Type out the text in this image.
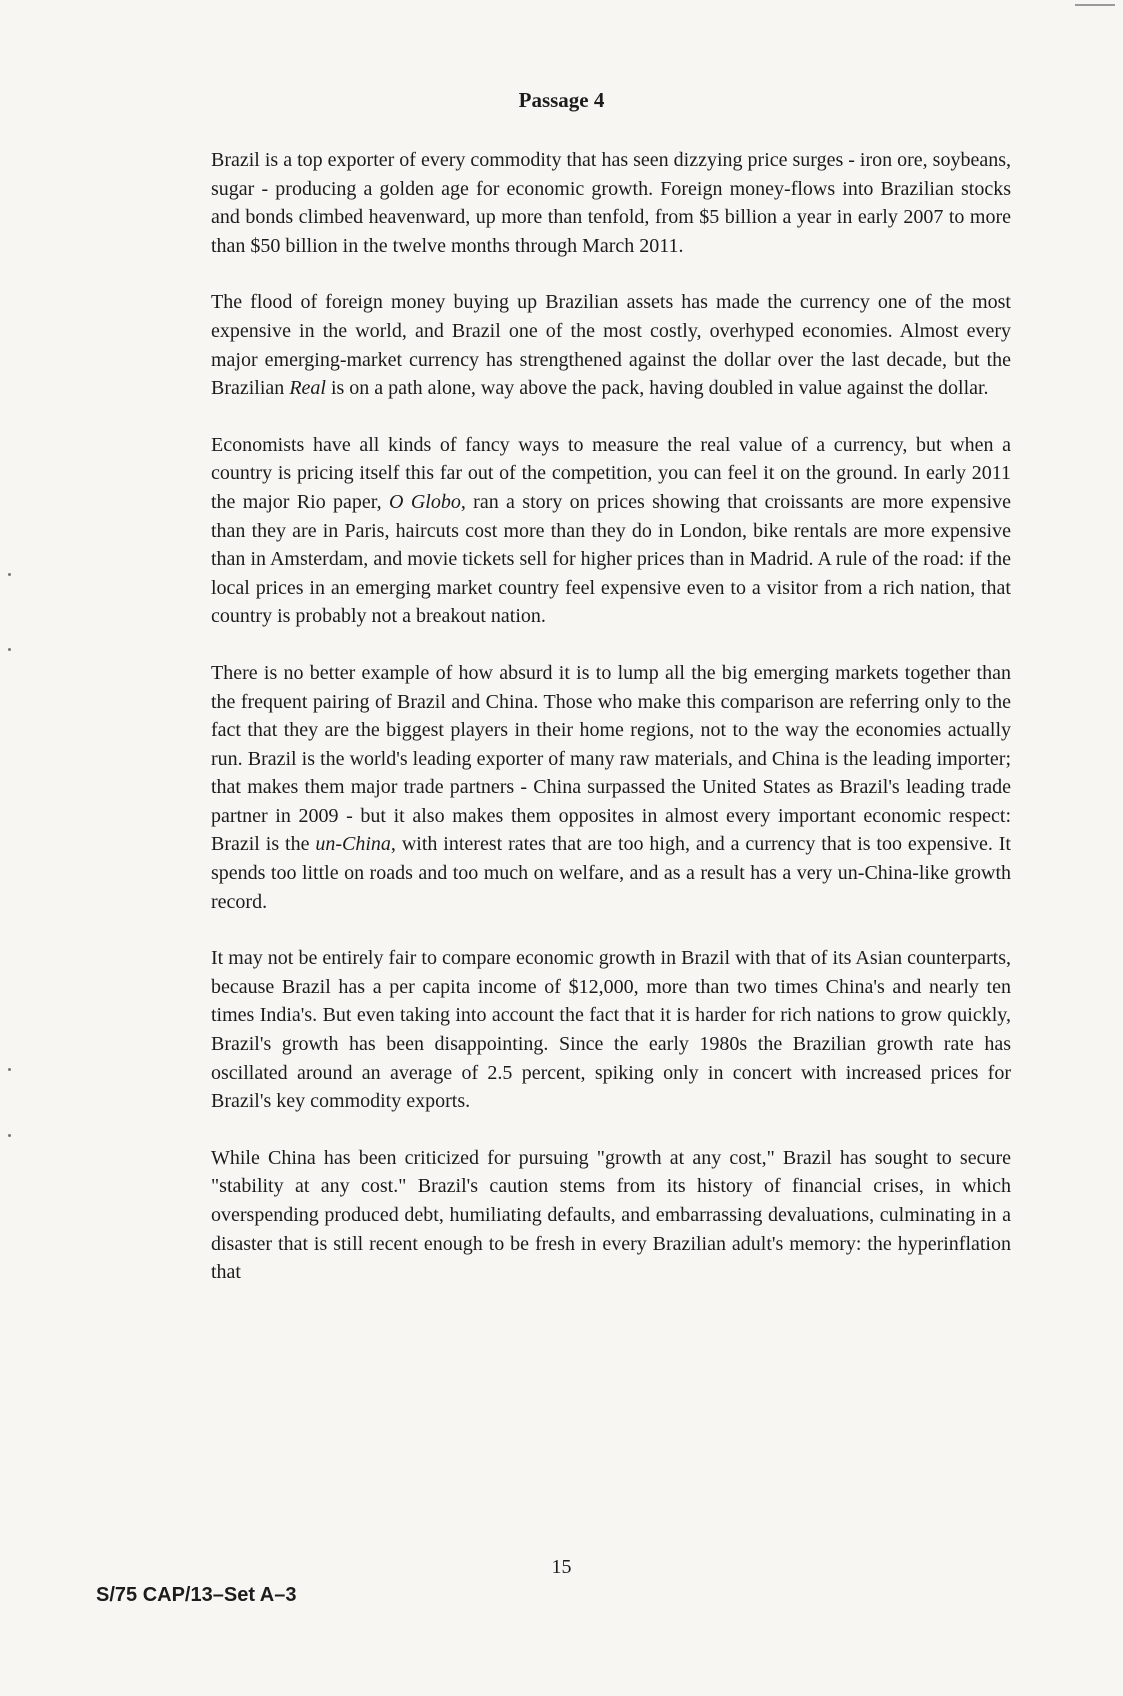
Passage 4

Brazil is a top exporter of every commodity that has seen dizzying price surges - iron ore, soybeans, sugar - producing a golden age for economic growth. Foreign money-flows into Brazilian stocks and bonds climbed heavenward, up more than tenfold, from $5 billion a year in early 2007 to more than $50 billion in the twelve months through March 2011.

The flood of foreign money buying up Brazilian assets has made the currency one of the most expensive in the world, and Brazil one of the most costly, overhyped economies. Almost every major emerging-market currency has strengthened against the dollar over the last decade, but the Brazilian Real is on a path alone, way above the pack, having doubled in value against the dollar.

Economists have all kinds of fancy ways to measure the real value of a currency, but when a country is pricing itself this far out of the competition, you can feel it on the ground. In early 2011 the major Rio paper, O Globo, ran a story on prices showing that croissants are more expensive than they are in Paris, haircuts cost more than they do in London, bike rentals are more expensive than in Amsterdam, and movie tickets sell for higher prices than in Madrid. A rule of the road: if the local prices in an emerging market country feel expensive even to a visitor from a rich nation, that country is probably not a breakout nation.

There is no better example of how absurd it is to lump all the big emerging markets together than the frequent pairing of Brazil and China. Those who make this comparison are referring only to the fact that they are the biggest players in their home regions, not to the way the economies actually run. Brazil is the world's leading exporter of many raw materials, and China is the leading importer; that makes them major trade partners - China surpassed the United States as Brazil's leading trade partner in 2009 - but it also makes them opposites in almost every important economic respect: Brazil is the un-China, with interest rates that are too high, and a currency that is too expensive. It spends too little on roads and too much on welfare, and as a result has a very un-China-like growth record.

It may not be entirely fair to compare economic growth in Brazil with that of its Asian counterparts, because Brazil has a per capita income of $12,000, more than two times China's and nearly ten times India's. But even taking into account the fact that it is harder for rich nations to grow quickly, Brazil's growth has been disappointing. Since the early 1980s the Brazilian growth rate has oscillated around an average of 2.5 percent, spiking only in concert with increased prices for Brazil's key commodity exports.

While China has been criticized for pursuing "growth at any cost," Brazil has sought to secure "stability at any cost." Brazil's caution stems from its history of financial crises, in which overspending produced debt, humiliating defaults, and embarrassing devaluations, culminating in a disaster that is still recent enough to be fresh in every Brazilian adult's memory: the hyperinflation that

15
S/75 CAP/13–Set A–3
